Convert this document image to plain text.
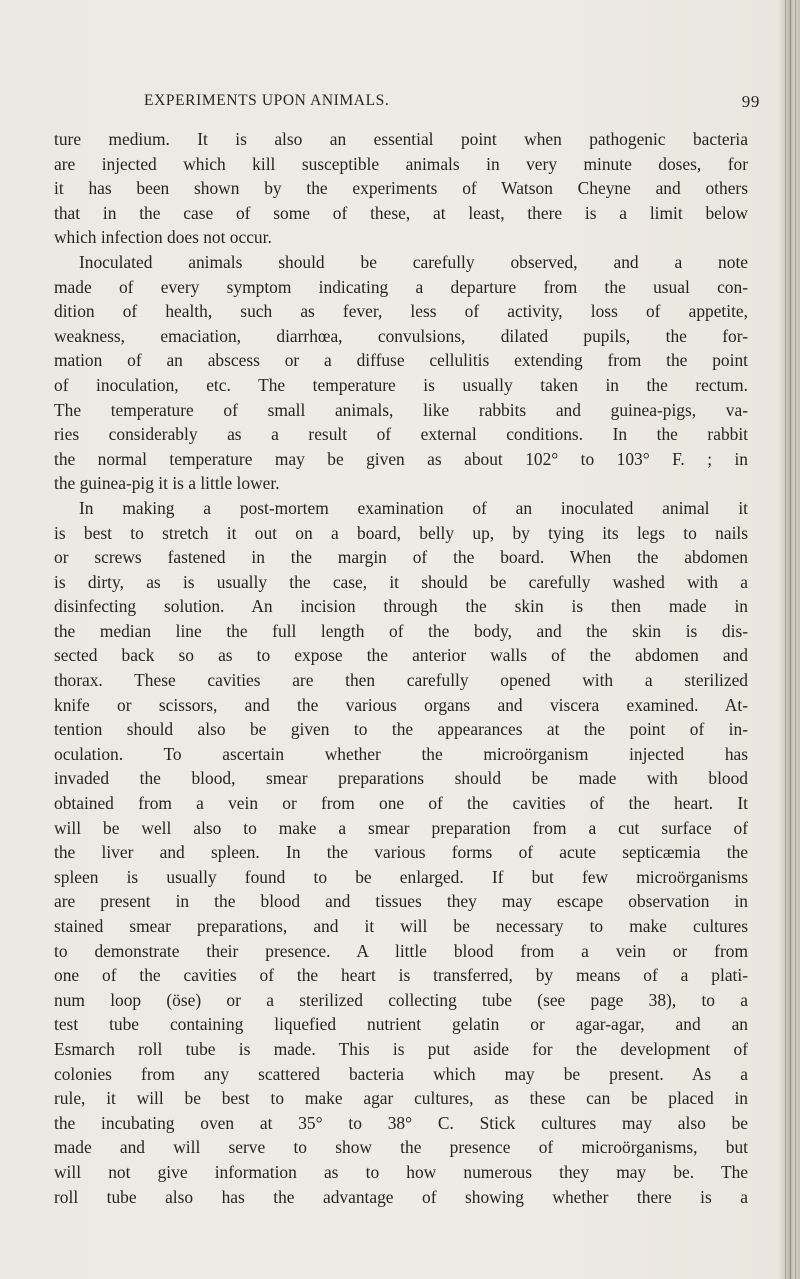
EXPERIMENTS UPON ANIMALS.	99
ture medium. It is also an essential point when pathogenic bacteria
are injected which kill susceptible animals in very minute doses, for
it has been shown by the experiments of Watson Cheyne and others
that in the case of some of these, at least, there is a limit below
which infection does not occur.
Inoculated animals should be carefully observed, and a note
made of every symptom indicating a departure from the usual con-
dition of health, such as fever, less of activity, loss of appetite,
weakness, emaciation, diarrhœa, convulsions, dilated pupils, the for-
mation of an abscess or a diffuse cellulitis extending from the point
of inoculation, etc. The temperature is usually taken in the rectum.
The temperature of small animals, like rabbits and guinea-pigs, va-
ries considerably as a result of external conditions. In the rabbit
the normal temperature may be given as about 102° to 103° F. ; in
the guinea-pig it is a little lower.
In making a post-mortem examination of an inoculated animal it
is best to stretch it out on a board, belly up, by tying its legs to nails
or screws fastened in the margin of the board. When the abdomen
is dirty, as is usually the case, it should be carefully washed with a
disinfecting solution. An incision through the skin is then made in
the median line the full length of the body, and the skin is dis-
sected back so as to expose the anterior walls of the abdomen and
thorax. These cavities are then carefully opened with a sterilized
knife or scissors, and the various organs and viscera examined. At-
tention should also be given to the appearances at the point of in-
oculation. To ascertain whether the microörganism injected has
invaded the blood, smear preparations should be made with blood
obtained from a vein or from one of the cavities of the heart. It
will be well also to make a smear preparation from a cut surface of
the liver and spleen. In the various forms of acute septicæmia the
spleen is usually found to be enlarged. If but few microörganisms
are present in the blood and tissues they may escape observation in
stained smear preparations, and it will be necessary to make cultures
to demonstrate their presence. A little blood from a vein or from
one of the cavities of the heart is transferred, by means of a plati-
num loop (öse) or a sterilized collecting tube (see page 38), to a
test tube containing liquefied nutrient gelatin or agar-agar, and an
Esmarch roll tube is made. This is put aside for the development of
colonies from any scattered bacteria which may be present. As a
rule, it will be best to make agar cultures, as these can be placed in
the incubating oven at 35° to 38° C. Stick cultures may also be
made and will serve to show the presence of microörganisms, but
will not give information as to how numerous they may be. The
roll tube also has the advantage of showing whether there is a
